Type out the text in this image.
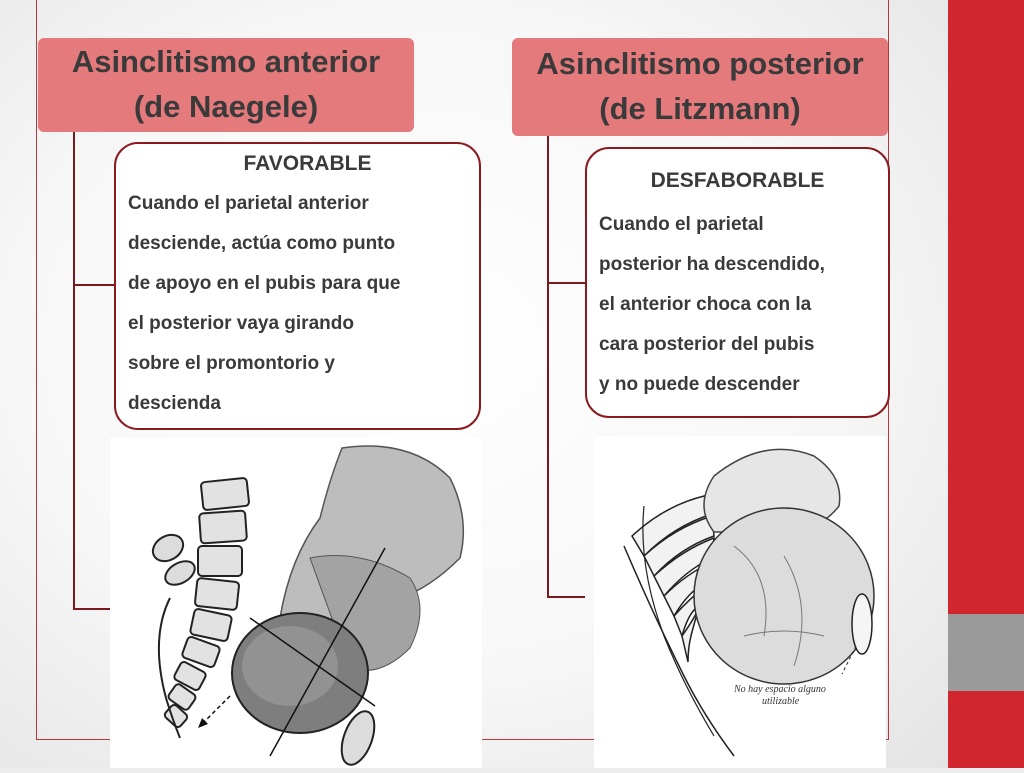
Asinclitismo anterior
(de Naegele)
FAVORABLE
Cuando el parietal anterior
desciende, actúa como punto
de apoyo en el pubis para que
el posterior vaya girando
sobre el promontorio y
descienda
Asinclitismo posterior
(de Litzmann)
DESFABORABLE
Cuando el parietal
posterior ha descendido,
el anterior choca con la
cara posterior del pubis
y no puede descender
No hay espacio alguno
utilizable
